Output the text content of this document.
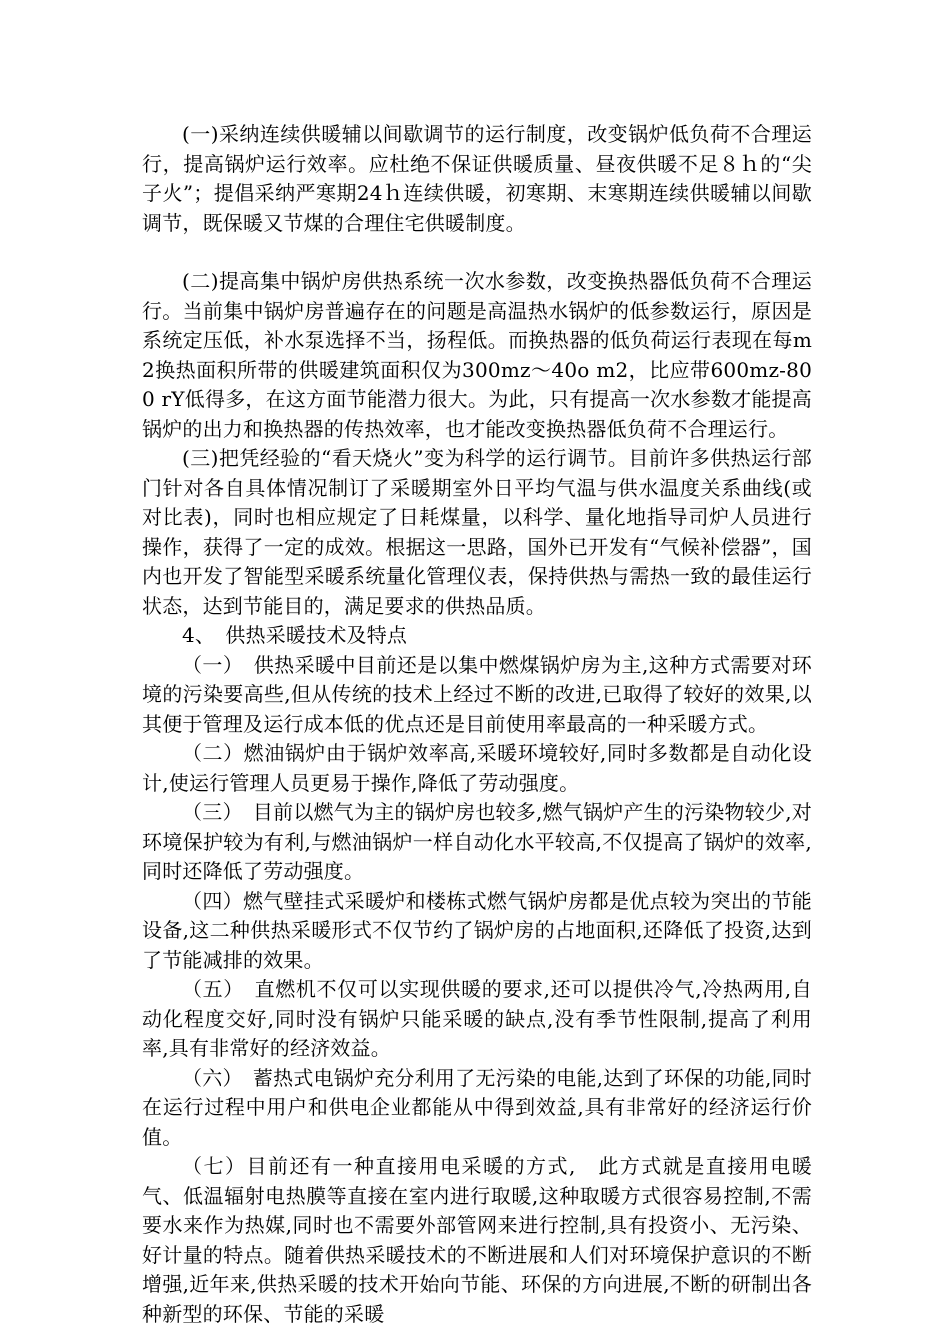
(一)采纳连续供暖辅以间歇调节的运行制度，改变锅炉低负荷不合理运行，提高锅炉运行效率。应杜绝不保证供暖质量、昼夜供暖不足８ｈ的“尖子火”；提倡采纳严寒期24ｈ连续供暖，初寒期、末寒期连续供暖辅以间歇调节，既保暖又节煤的合理住宅供暖制度。

(二)提高集中锅炉房供热系统一次水参数，改变换热器低负荷不合理运行。当前集中锅炉房普遍存在的问题是高温热水锅炉的低参数运行，原因是系统定压低，补水泵选择不当，扬程低。而换热器的低负荷运行表现在每m2换热面积所带的供暖建筑面积仅为300mz～40o m2，比应带600mz-800 rY低得多，在这方面节能潜力很大。为此，只有提高一次水参数才能提高锅炉的出力和换热器的传热效率，也才能改变换热器低负荷不合理运行。

(三)把凭经验的“看天烧火”变为科学的运行调节。目前许多供热运行部门针对各自具体情况制订了采暖期室外日平均气温与供水温度关系曲线(或对比表)，同时也相应规定了日耗煤量，以科学、量化地指导司炉人员进行操作，获得了一定的成效。根据这一思路，国外已开发有“气候补偿器”，国内也开发了智能型采暖系统量化管理仪表，保持供热与需热一致的最佳运行状态，达到节能目的，满足要求的供热品质。

4、　供热采暖技术及特点

（一）　供热采暖中目前还是以集中燃煤锅炉房为主,这种方式需要对环境的污染要高些,但从传统的技术上经过不断的改进,已取得了较好的效果,以其便于管理及运行成本低的优点还是目前使用率最高的一种采暖方式。

（二）燃油锅炉由于锅炉效率高,采暖环境较好,同时多数都是自动化设计,使运行管理人员更易于操作,降低了劳动强度。

（三）　目前以燃气为主的锅炉房也较多,燃气锅炉产生的污染物较少,对环境保护较为有利,与燃油锅炉一样自动化水平较高,不仅提高了锅炉的效率,同时还降低了劳动强度。

（四）燃气壁挂式采暖炉和楼栋式燃气锅炉房都是优点较为突出的节能设备,这二种供热采暖形式不仅节约了锅炉房的占地面积,还降低了投资,达到了节能减排的效果。

（五）　直燃机不仅可以实现供暖的要求,还可以提供冷气,冷热两用,自动化程度交好,同时没有锅炉只能采暖的缺点,没有季节性限制,提高了利用率,具有非常好的经济效益。

（六）　蓄热式电锅炉充分利用了无污染的电能,达到了环保的功能,同时在运行过程中用户和供电企业都能从中得到效益,具有非常好的经济运行价值。

（七）目前还有一种直接用电采暖的方式,　此方式就是直接用电暖气、低温辐射电热膜等直接在室内进行取暖,这种取暖方式很容易控制,不需要水来作为热媒,同时也不需要外部管网来进行控制,具有投资小、无污染、好计量的特点。随着供热采暖技术的不断进展和人们对环境保护意识的不断增强,近年来,供热采暖的技术开始向节能、环保的方向进展,不断的研制出各种新型的环保、节能的采暖
